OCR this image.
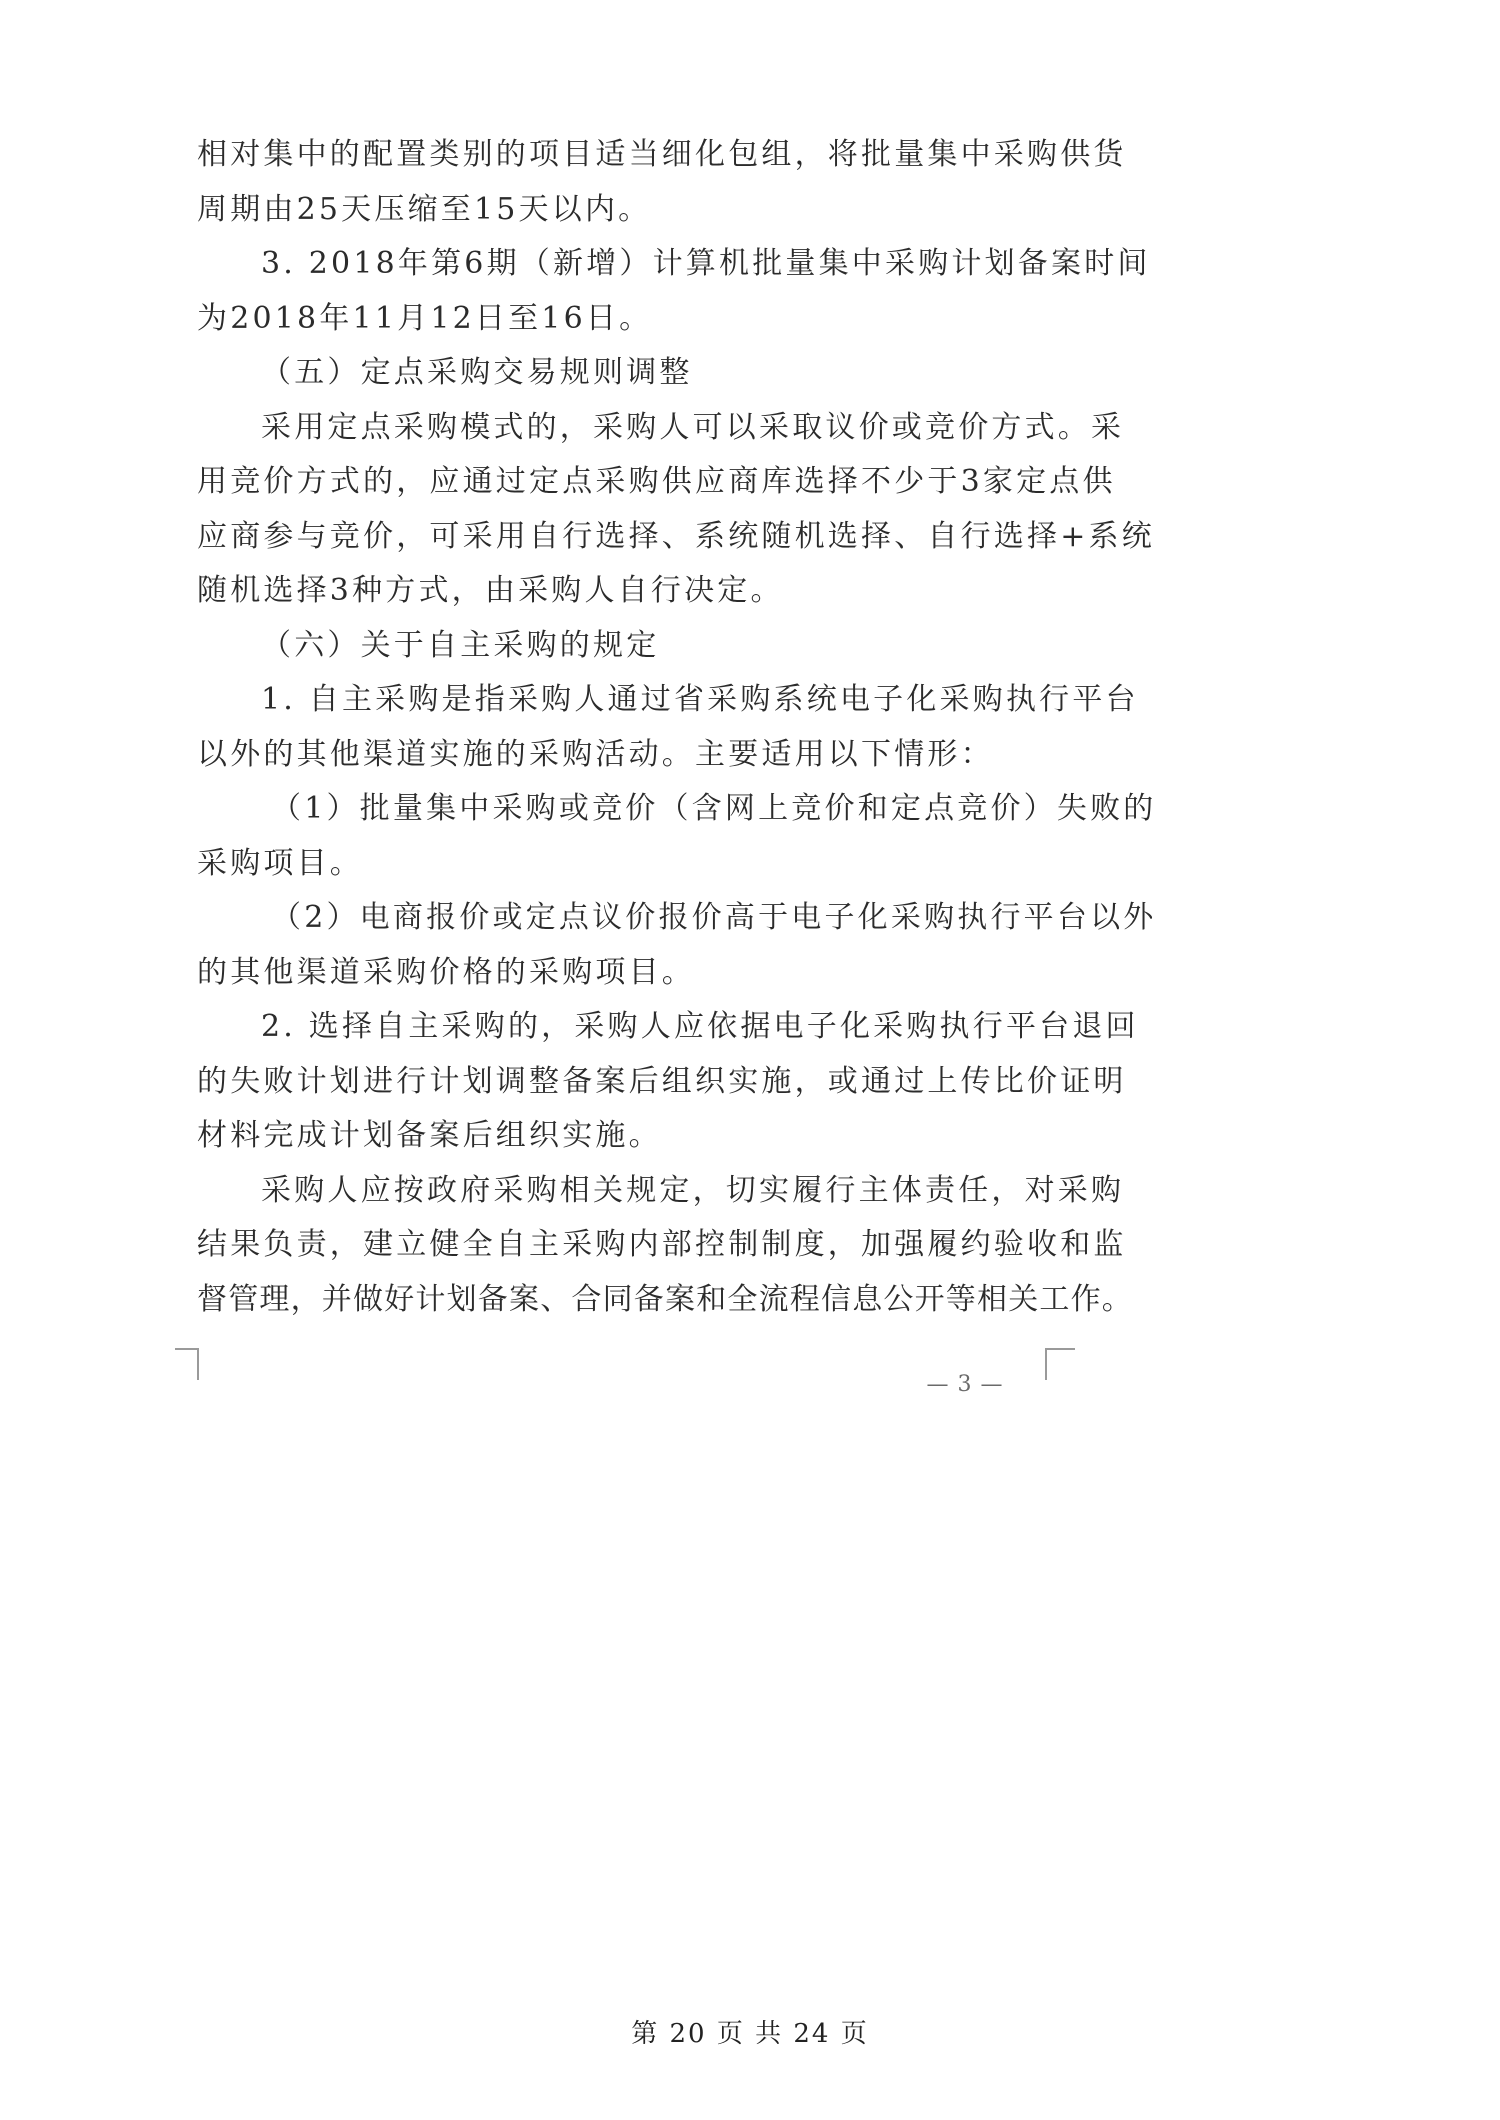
相对集中的配置类别的项目适当细化包组，将批量集中采购供货
周期由25天压缩至15天以内。
3. 2018年第6期（新增）计算机批量集中采购计划备案时间
为2018年11月12日至16日。
（五）定点采购交易规则调整
采用定点采购模式的，采购人可以采取议价或竞价方式。采
用竞价方式的，应通过定点采购供应商库选择不少于3家定点供
应商参与竞价，可采用自行选择、系统随机选择、自行选择+系统
随机选择3种方式，由采购人自行决定。
（六）关于自主采购的规定
1. 自主采购是指采购人通过省采购系统电子化采购执行平台
以外的其他渠道实施的采购活动。主要适用以下情形：
（1）批量集中采购或竞价（含网上竞价和定点竞价）失败的
采购项目。
（2）电商报价或定点议价报价高于电子化采购执行平台以外
的其他渠道采购价格的采购项目。
2. 选择自主采购的，采购人应依据电子化采购执行平台退回
的失败计划进行计划调整备案后组织实施，或通过上传比价证明
材料完成计划备案后组织实施。
采购人应按政府采购相关规定，切实履行主体责任，对采购
结果负责，建立健全自主采购内部控制制度，加强履约验收和监
督管理，并做好计划备案、合同备案和全流程信息公开等相关工作。
— 3 —
第 20 页 共 24 页
